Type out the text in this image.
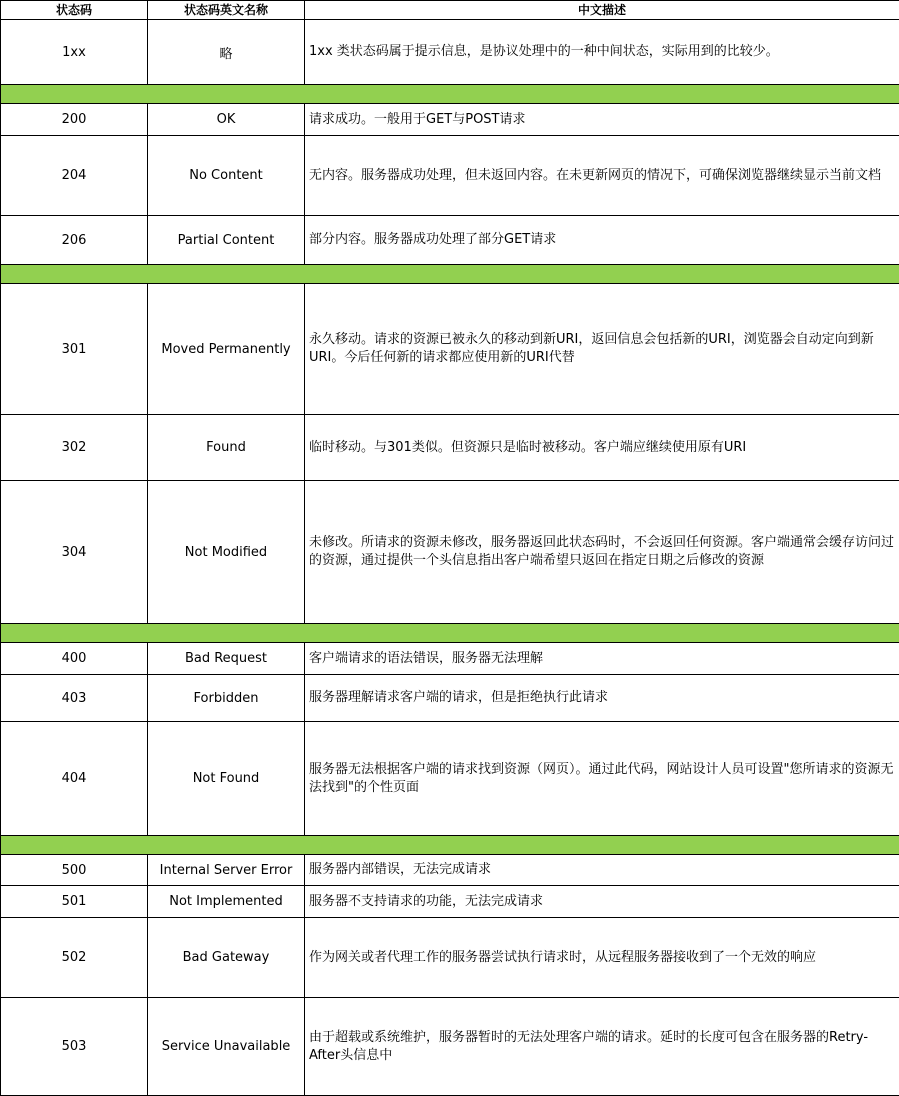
状态码	状态码英文名称	中文描述
1xx	略	1xx 类状态码属于提示信息，是协议处理中的一种中间状态，实际用到的比较少。

200	OK	请求成功。一般用于GET与POST请求
204	No Content	无内容。服务器成功处理，但未返回内容。在未更新网页的情况下，可确保浏览器继续显示当前文档
206	Partial Content	部分内容。服务器成功处理了部分GET请求

301	Moved Permanently	永久移动。请求的资源已被永久的移动到新URI，返回信息会包括新的URI，浏览器会自动定向到新URI。今后任何新的请求都应使用新的URI代替
302	Found	临时移动。与301类似。但资源只是临时被移动。客户端应继续使用原有URI
304	Not Modified	未修改。所请求的资源未修改，服务器返回此状态码时，不会返回任何资源。客户端通常会缓存访问过的资源，通过提供一个头信息指出客户端希望只返回在指定日期之后修改的资源

400	Bad Request	客户端请求的语法错误，服务器无法理解
403	Forbidden	服务器理解请求客户端的请求，但是拒绝执行此请求
404	Not Found	服务器无法根据客户端的请求找到资源（网页）。通过此代码，网站设计人员可设置"您所请求的资源无法找到"的个性页面

500	Internal Server Error	服务器内部错误，无法完成请求
501	Not Implemented	服务器不支持请求的功能，无法完成请求
502	Bad Gateway	作为网关或者代理工作的服务器尝试执行请求时，从远程服务器接收到了一个无效的响应
503	Service Unavailable	由于超载或系统维护，服务器暂时的无法处理客户端的请求。延时的长度可包含在服务器的Retry-After头信息中
